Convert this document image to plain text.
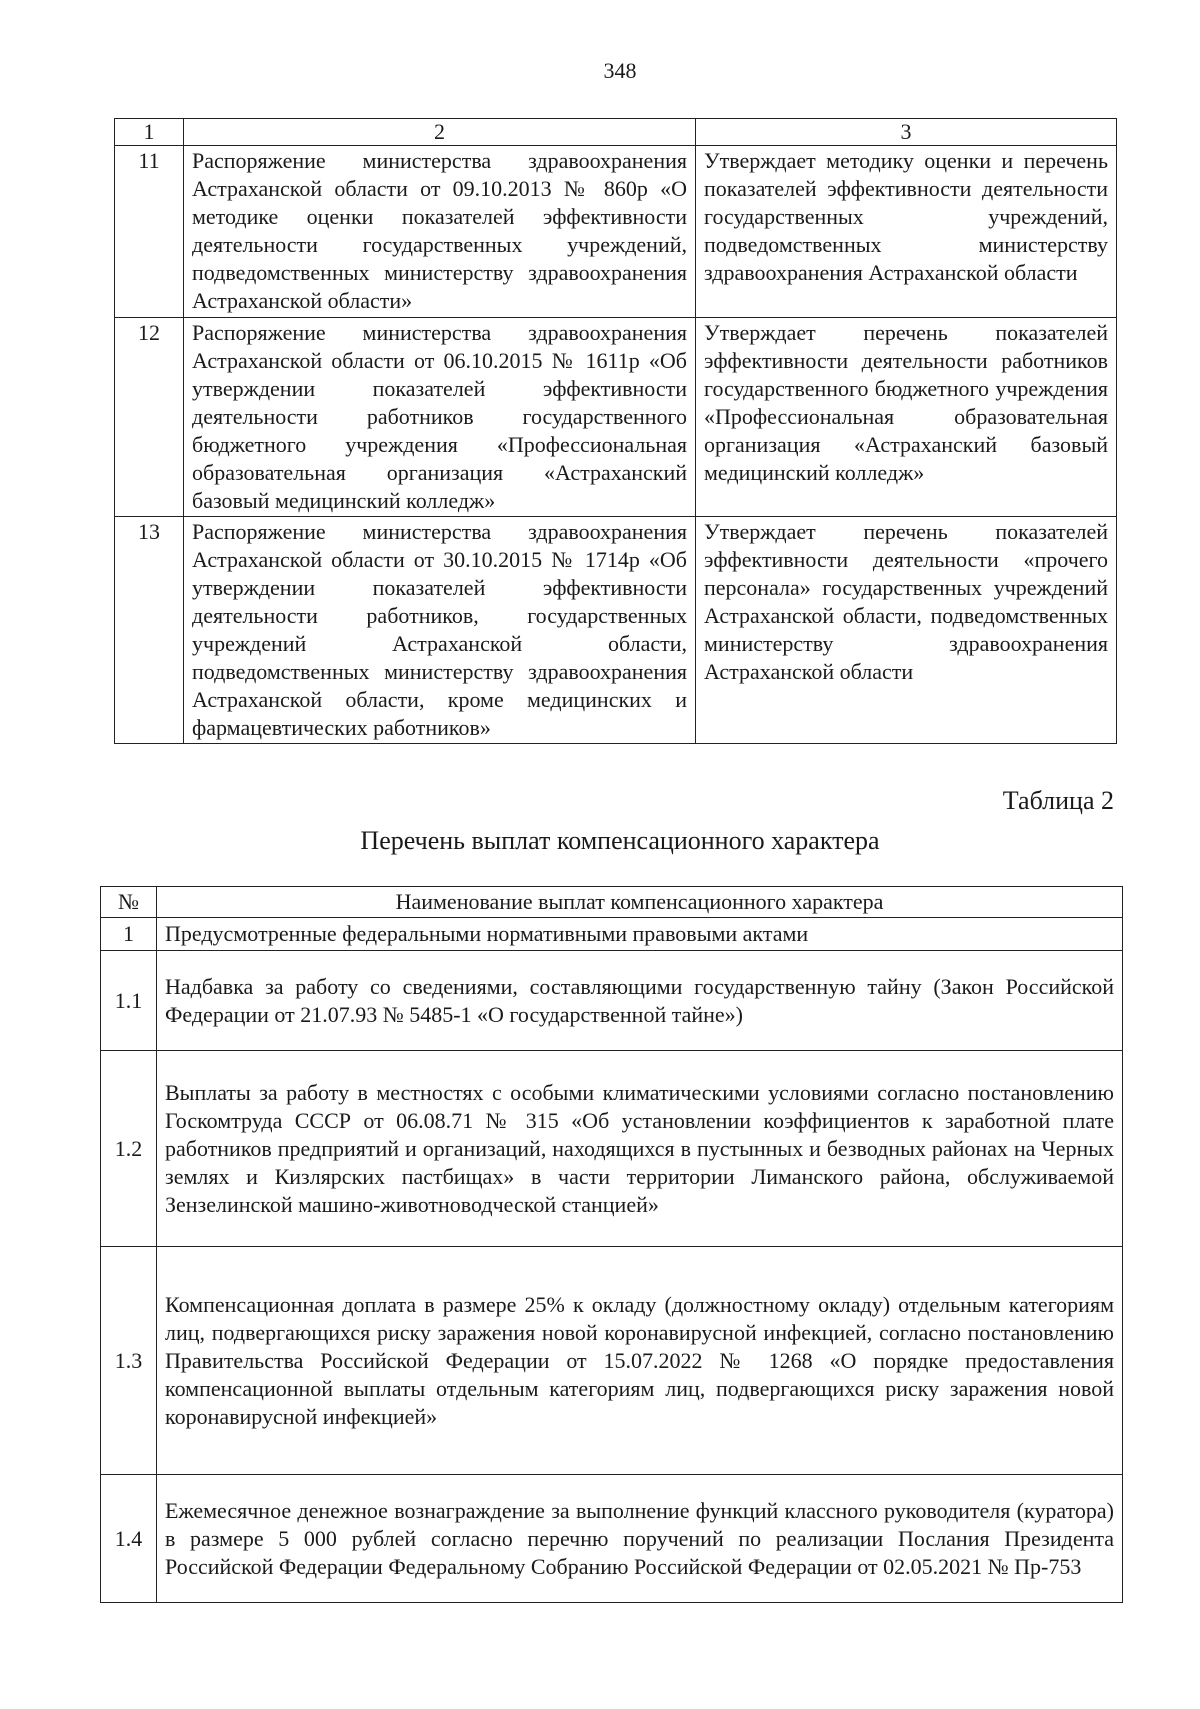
348
1	2	3
11	Распоряжение министерства здравоохранения Астраханской области от 09.10.2013 № 860р «О методике оценки показателей эффективности деятельности государственных учреждений, подведомственных министерству здравоохранения Астраханской области»	Утверждает методику оценки и перечень показателей эффективности деятельности государственных учреждений, подведомственных министерству здравоохранения Астраханской области
12	Распоряжение министерства здравоохранения Астраханской области от 06.10.2015 № 1611р «Об утверждении показателей эффективности деятельности работников государственного бюджетного учреждения «Профессиональная образовательная организация «Астраханский базовый медицинский колледж»	Утверждает перечень показателей эффективности деятельности работников государственного бюджетного учреждения «Профессиональная образовательная организация «Астраханский базовый медицинский колледж»
13	Распоряжение министерства здравоохранения Астраханской области от 30.10.2015 № 1714р «Об утверждении показателей эффективности деятельности работников, государственных учреждений Астраханской области, подведомственных министерству здравоохранения Астраханской области, кроме медицинских и фармацевтических работников»	Утверждает перечень показателей эффективности деятельности «прочего персонала» государственных учреждений Астраханской области, подведомственных министерству здравоохранения Астраханской области
Таблица 2
Перечень выплат компенсационного характера
№	Наименование выплат компенсационного характера
1	Предусмотренные федеральными нормативными правовыми актами
1.1	Надбавка за работу со сведениями, составляющими государственную тайну (Закон Российской Федерации от 21.07.93 № 5485-1 «О государственной тайне»)
1.2	Выплаты за работу в местностях с особыми климатическими условиями согласно постановлению Госкомтруда СССР от 06.08.71 № 315 «Об установлении коэффициентов к заработной плате работников предприятий и организаций, находящихся в пустынных и безводных районах на Черных землях и Кизлярских пастбищах» в части территории Лиманского района, обслуживаемой Зензелинской машино-животноводческой станцией»
1.3	Компенсационная доплата в размере 25% к окладу (должностному окладу) отдельным категориям лиц, подвергающихся риску заражения новой коронавирусной инфекцией, согласно постановлению Правительства Российской Федерации от 15.07.2022 № 1268 «О порядке предоставления компенсационной выплаты отдельным категориям лиц, подвергающихся риску заражения новой коронавирусной инфекцией»
1.4	Ежемесячное денежное вознаграждение за выполнение функций классного руководителя (куратора) в размере 5 000 рублей согласно перечню поручений по реализации Послания Президента Российской Федерации Федеральному Собранию Российской Федерации от 02.05.2021 № Пр-753
